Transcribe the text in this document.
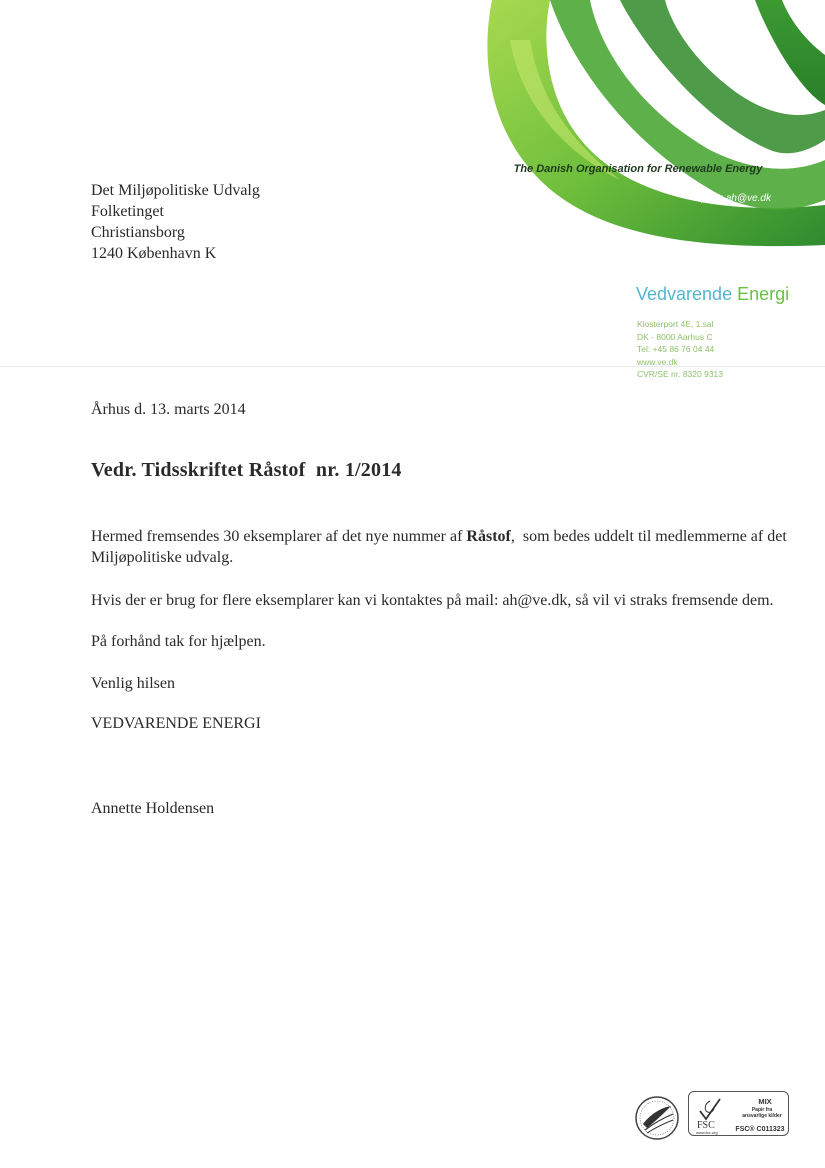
The Danish Organisation for Renewable Energy
e-post: ah@ve.dk
Det Miljøpolitiske Udvalg
Folketinget
Christiansborg
1240 København K
Vedvarende Energi
Klosterport 4E, 1.sal
DK - 8000 Aarhus C
Tel: +45 86 76 04 44
www.ve.dk
CVR/SE nr. 8320 9313
Århus d. 13. marts 2014
Vedr. Tidsskriftet Råstof  nr. 1/2014
Hermed fremsendes 30 eksemplarer af det nye nummer af Råstof,  som bedes uddelt til medlemmerne af det Miljøpolitiske udvalg.
Hvis der er brug for flere eksemplarer kan vi kontaktes på mail: ah@ve.dk, så vil vi straks fremsende dem.
På forhånd tak for hjælpen.
Venlig hilsen
VEDVARENDE ENERGI
Annette Holdensen
FSC
www.fsc.org
MIX
Papir fra
ansvarlige kilder
FSC® C011323
